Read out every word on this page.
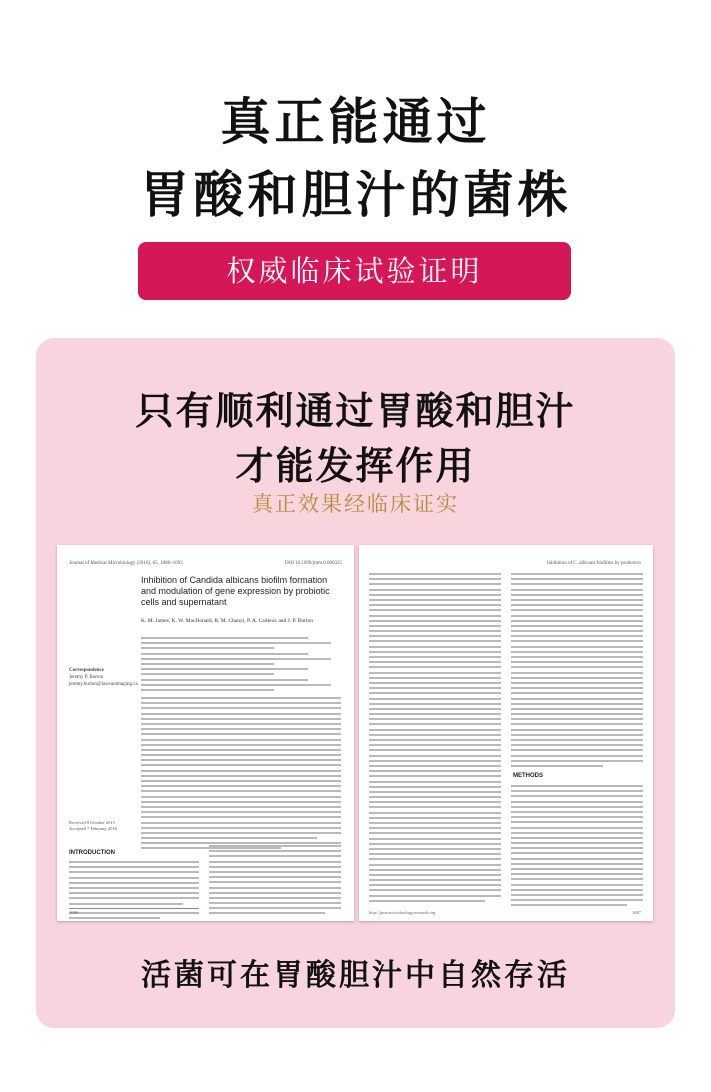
真正能通过
胃酸和胆汁的菌株
权威临床试验证明
只有顺利通过胃酸和胆汁
才能发挥作用
真正效果经临床证实
Journal of Medical Microbiology (2016), 65, 1086–1093	DOI 10.1099/jmm.0.000325
Inhibition of Candida albicans biofilm formation and modulation of gene expression by probiotic cells and supernatant
K. M. James, K. W. MacDonald, R. M. Chanyi, P. A. Cadieux and J. P. Burton
Correspondence
Jeremy P. Burton
jeremy.burton@lawsonimaging.ca
Received 8 October 2015
Accepted 7 February 2016
INTRODUCTION
1086
Inhibition of C. albicans biofilms by probiotics
METHODS
http://jmm.microbiologyresearch.org	1087
活菌可在胃酸胆汁中自然存活
